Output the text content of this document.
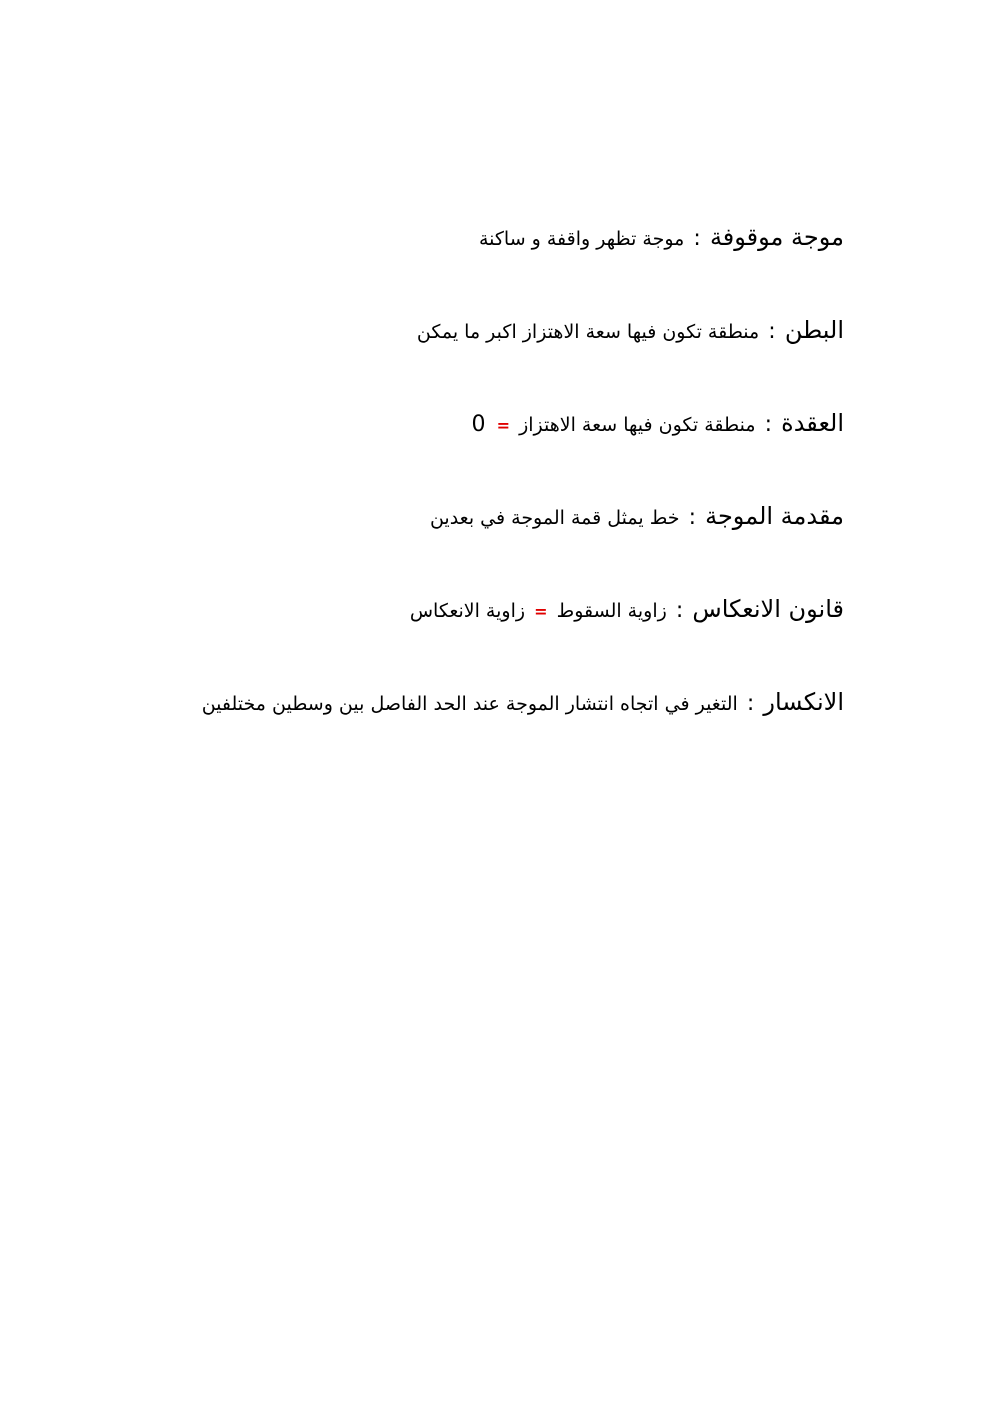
موجة موقوفة : موجة تظهر واقفة و ساكنة
البطن : منطقة تكون فيها سعة الاهتزاز اكبر ما يمكن
العقدة : منطقة تكون فيها سعة الاهتزاز = 0
مقدمة الموجة : خط يمثل قمة الموجة في بعدين
قانون الانعكاس : زاوية السقوط = زاوية الانعكاس
الانكسار : التغير في اتجاه انتشار الموجة عند الحد الفاصل بين وسطين مختلفين
